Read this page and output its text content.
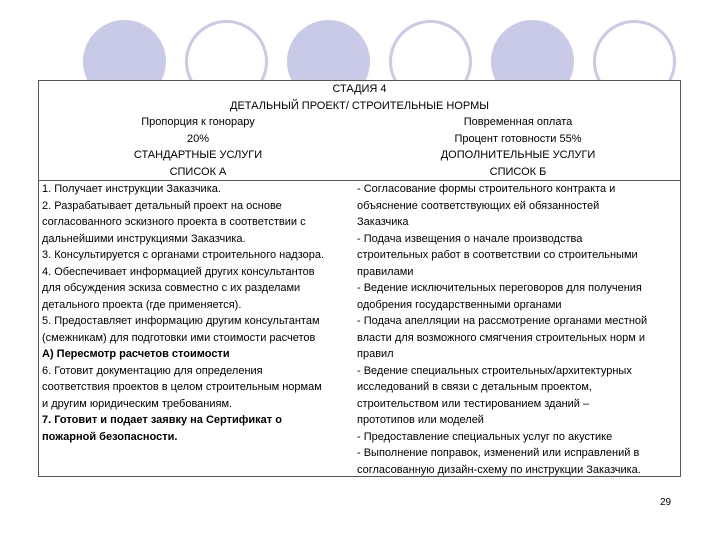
СТАДИЯ 4
ДЕТАЛЬНЫЙ ПРОЕКТ/ СТРОИТЕЛЬНЫЕ НОРМЫ
Пропорция к гонорару
20%
СТАНДАРТНЫЕ УСЛУГИ
СПИСОК А
Повременная оплата
Процент готовности 55%
ДОПОЛНИТЕЛЬНЫЕ УСЛУГИ
СПИСОК Б
1. Получает инструкции Заказчика.
2. Разрабатывает детальный проект на основе
согласованного эскизного проекта в соответствии с
дальнейшими инструкциями Заказчика.
3. Консультируется с органами строительного надзора.
4. Обеспечивает информацией других консультантов
для обсуждения эскиза совместно с их разделами
детального проекта (где применяется).
5. Предоставляет информацию другим консультантам
(смежникам) для подготовки ими стоимости расчетов
А) Пересмотр расчетов стоимости
6. Готовит документацию для определения
соответствия проектов в целом строительным нормам
и другим юридическим требованиям.
7. Готовит и подает заявку на Сертификат о
пожарной безопасности.
- Согласование формы строительного контракта и
объяснение соответствующих ей обязанностей
Заказчика
- Подача извещения о начале производства
строительных работ в соответствии со строительными
правилами
- Ведение исключительных переговоров для получения
одобрения государственными органами
- Подача апелляции на рассмотрение органами местной
власти для возможного смягчения строительных норм и
правил
- Ведение специальных строительных/архитектурных
исследований в связи с детальным проектом,
строительством или тестированием зданий –
прототипов или моделей
- Предоставление специальных услуг по акустике
- Выполнение поправок, изменений или исправлений в
согласованную дизайн-схему по инструкции Заказчика.
29
